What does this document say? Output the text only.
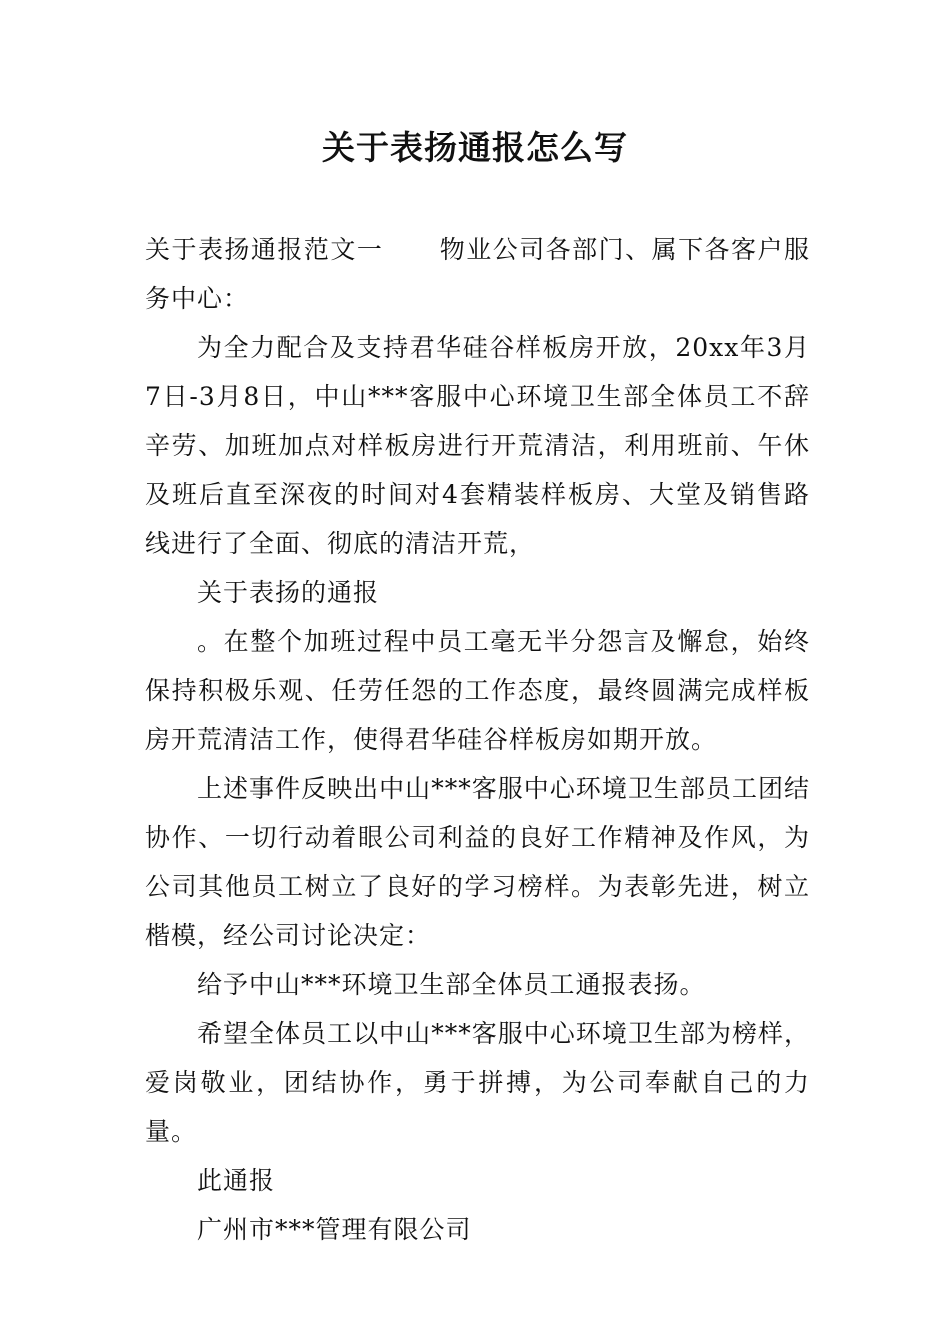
关于表扬通报怎么写

关于表扬通报范文一 物业公司各部门、属下各客户服务中心：

为全力配合及支持君华硅谷样板房开放，20xx年3月7日-3月8日，中山***客服中心环境卫生部全体员工不辞辛劳、加班加点对样板房进行开荒清洁，利用班前、午休及班后直至深夜的时间对4套精装样板房、大堂及销售路线进行了全面、彻底的清洁开荒，

关于表扬的通报

。在整个加班过程中员工毫无半分怨言及懈怠，始终保持积极乐观、任劳任怨的工作态度，最终圆满完成样板房开荒清洁工作，使得君华硅谷样板房如期开放。

上述事件反映出中山***客服中心环境卫生部员工团结协作、一切行动着眼公司利益的良好工作精神及作风，为公司其他员工树立了良好的学习榜样。为表彰先进，树立楷模，经公司讨论决定：

给予中山***环境卫生部全体员工通报表扬。

希望全体员工以中山***客服中心环境卫生部为榜样，爱岗敬业，团结协作，勇于拼搏，为公司奉献自己的力量。

此通报

广州市***管理有限公司
